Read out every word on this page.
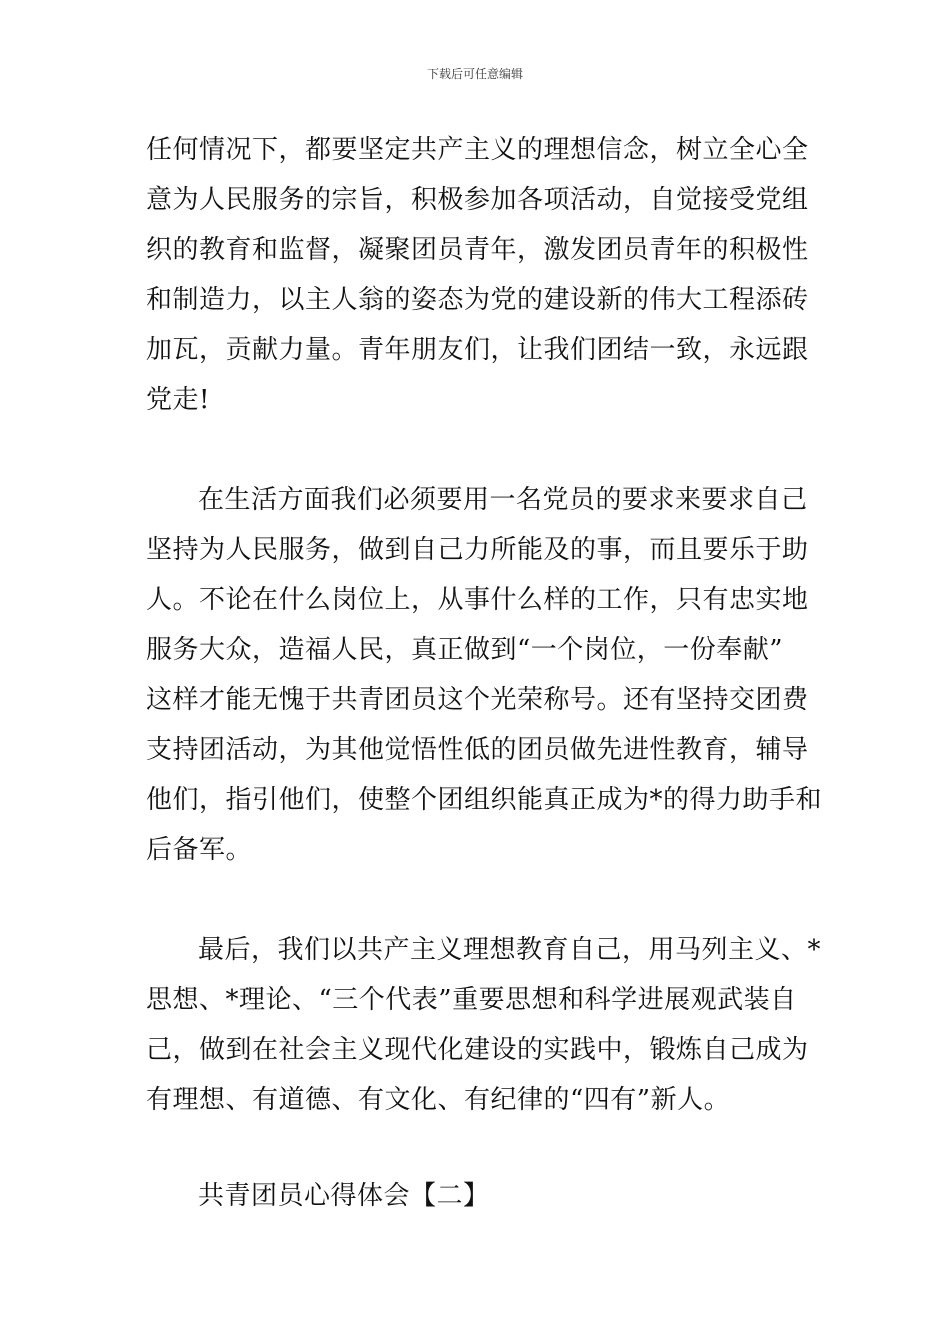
下载后可任意编辑
任何情况下，都要坚定共产主义的理想信念，树立全心全
意为人民服务的宗旨，积极参加各项活动，自觉接受党组
织的教育和监督，凝聚团员青年，激发团员青年的积极性
和制造力，以主人翁的姿态为党的建设新的伟大工程添砖
加瓦，贡献力量。青年朋友们，让我们团结一致，永远跟
党走!
在生活方面我们必须要用一名党员的要求来要求自己
坚持为人民服务，做到自己力所能及的事，而且要乐于助
人。不论在什么岗位上，从事什么样的工作，只有忠实地
服务大众，造福人民，真正做到“一个岗位，一份奉献”
这样才能无愧于共青团员这个光荣称号。还有坚持交团费
支持团活动，为其他觉悟性低的团员做先进性教育，辅导
他们，指引他们，使整个团组织能真正成为*的得力助手和
后备军。
最后，我们以共产主义理想教育自己，用马列主义、*
思想、*理论、“三个代表”重要思想和科学进展观武装自
己，做到在社会主义现代化建设的实践中，锻炼自己成为
有理想、有道德、有文化、有纪律的“四有”新人。
共青团员心得体会【二】
